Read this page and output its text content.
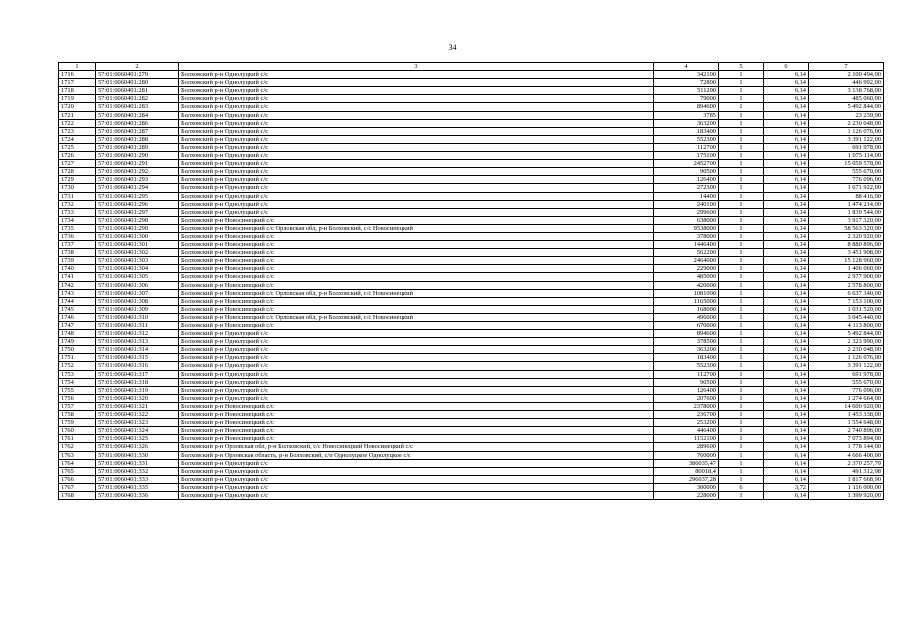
34
1	2	3	4	5	6	7
1716	57:01:0060401:279	Болховский р-н Однолуцкий с/с	342100	1	6,14	2 100 494,00
1717	57:01:0060401:280	Болховский р-н Однолуцкий с/с	72800	1	6,14	446 992,00
1718	57:01:0060401:281	Болховский р-н Однолуцкий с/с	511200	1	6,14	3 138 768,00
1719	57:01:0060401:282	Болховский р-н Однолуцкий с/с	79000	1	6,14	485 060,00
1720	57:01:0060401:283	Болховский р-н Однолуцкий с/с	894600	1	6,14	5 492 844,00
1721	57:01:0060401:284	Болховский р-н Однолуцкий с/с	3785	1	6,14	23 239,90
1722	57:01:0060401:286	Болховский р-н Однолуцкий с/с	363200	1	6,14	2 230 048,00
1723	57:01:0060401:287	Болховский р-н Однолуцкий с/с	183400	1	6,14	1 126 076,00
1724	57:01:0060401:288	Болховский р-н Однолуцкий с/с	552300	1	6,14	3 391 122,00
1725	57:01:0060401:289	Болховский р-н Однолуцкий с/с	112700	1	6,14	691 978,00
1726	57:01:0060401:290	Болховский р-н Однолуцкий с/с	175100	1	6,14	1 075 114,00
1727	57:01:0060401:291	Болховский р-н Однолуцкий с/с	2452700	1	6,14	15 059 578,00
1728	57:01:0060401:292	Болховский р-н Однолуцкий с/с	90500	1	6,14	555 670,00
1729	57:01:0060401:293	Болховский р-н Однолуцкий с/с	126400	1	6,14	776 096,00
1730	57:01:0060401:294	Болховский р-н Однолуцкий с/с	272300	1	6,14	1 671 922,00
1731	57:01:0060401:295	Болховский р-н Однолуцкий с/с	14400	1	6,14	88 416,00
1732	57:01:0060401:296	Болховский р-н Однолуцкий с/с	240100	1	6,14	1 474 214,00
1733	57:01:0060401:297	Болховский р-н Однолуцкий с/с	299600	1	6,14	1 839 544,00
1734	57:01:0060401:298	Болховский р-н Новосинецкий с/с	638000	1	6,14	3 917 320,00
1735	57:01:0060401:299	Болховский р-н Новосинецкий с/с Орловская обл, р-н Болховский, с/с Новосинецкий	9538000	1	6,14	58 563 320,00
1736	57:01:0060401:300	Болховский р-н Новосинецкий с/с	378000	1	6,14	2 320 920,00
1737	57:01:0060401:301	Болховский р-н Новосинецкий с/с	1446400	1	6,14	8 880 896,00
1738	57:01:0060401:302	Болховский р-н Новосинецкий с/с	562200	1	6,14	3 451 908,00
1739	57:01:0060401:303	Болховский р-н Новосинецкий с/с	2464000	1	6,14	15 128 960,00
1740	57:01:0060401:304	Болховский р-н Новосинецкий с/с	229000	1	6,14	1 406 060,00
1741	57:01:0060401:305	Болховский р-н Новосинецкий с/с	485000	1	6,14	2 977 900,00
1742	57:01:0060401:306	Болховский р-н Новосинецкий с/с	420000	1	6,14	2 578 800,00
1743	57:01:0060401:307	Болховский р-н Новосинецкий с/с Орловская обл, р-н Болховский, с/с Новосинецкий	1081000	1	6,14	6 637 340,00
1744	57:01:0060401:308	Болховский р-н Новосинецкий с/с	1165000	1	6,14	7 153 100,00
1745	57:01:0060401:309	Болховский р-н Новосинецкий с/с	168000	1	6,14	1 031 520,00
1746	57:01:0060401:310	Болховский р-н Новосинецкий с/с Орловская обл, р-н Болховский, с/с Новосинецкий	496000	1	6,14	3 045 440,00
1747	57:01:0060401:311	Болховский р-н Новосинецкий с/с	670000	1	6,14	4 113 800,00
1748	57:01:0060401:312	Болховский р-н Однолуцкий с/с	894600	1	6,14	5 492 844,00
1749	57:01:0060401:313	Болховский р-н Однолуцкий с/с	378500	1	6,14	2 323 990,00
1750	57:01:0060401:314	Болховский р-н Однолуцкий с/с	363200	1	6,14	2 230 048,00
1751	57:01:0060401:315	Болховский р-н Однолуцкий с/с	183400	1	6,14	1 126 076,00
1752	57:01:0060401:316	Болховский р-н Однолуцкий с/с	552300	1	6,14	3 391 122,00
1753	57:01:0060401:317	Болховский р-н Однолуцкий с/с	112700	1	6,14	691 978,00
1754	57:01:0060401:318	Болховский р-н Однолуцкий с/с	90500	1	6,14	555 670,00
1755	57:01:0060401:319	Болховский р-н Однолуцкий с/с	126400	1	6,14	776 096,00
1756	57:01:0060401:320	Болховский р-н Однолуцкий с/с	207600	1	6,14	1 274 664,00
1757	57:01:0060401:321	Болховский р-н Новосинецкий с/с	2378000	1	6,14	14 600 920,00
1758	57:01:0060401:322	Болховский р-н Новосинецкий с/с	236700	1	6,14	1 453 338,00
1759	57:01:0060401:323	Болховский р-н Новосинецкий с/с	253200	1	6,14	1 554 648,00
1760	57:01:0060401:324	Болховский р-н Новосинецкий с/с	446400	1	6,14	2 740 896,00
1761	57:01:0060401:325	Болховский р-н Новосинецкий с/с	1152100	1	6,14	7 073 894,00
1762	57:01:0060401:326	Болховский р-н Орловская обл, р-н Болховский, с/с Новосинецкий Новосинецкий с/с	289600	1	6,14	1 778 144,00
1763	57:01:0060401:330	Болховский р-н Орловская область, р-н Болховский, с/п Однолуцкое Однолуцкое с/с	760000	1	6,14	4 666 400,00
1764	57:01:0060401:331	Болховский р-н Однолуцкий с/с	386035,47	1	6,14	2 370 257,79
1765	57:01:0060401:332	Болховский р-н Однолуцкий с/с	80018,4	1	6,14	491 312,98
1766	57:01:0060401:333	Болховский р-н Однолуцкий с/с	296037,28	1	6,14	1 817 668,90
1767	57:01:0060401:335	Болховский р-н Однолуцкий с/с	300000	6	3,72	1 116 000,00
1768	57:01:0060401:336	Болховский р-н Однолуцкий с/с	228000	1	6,14	1 399 920,00
